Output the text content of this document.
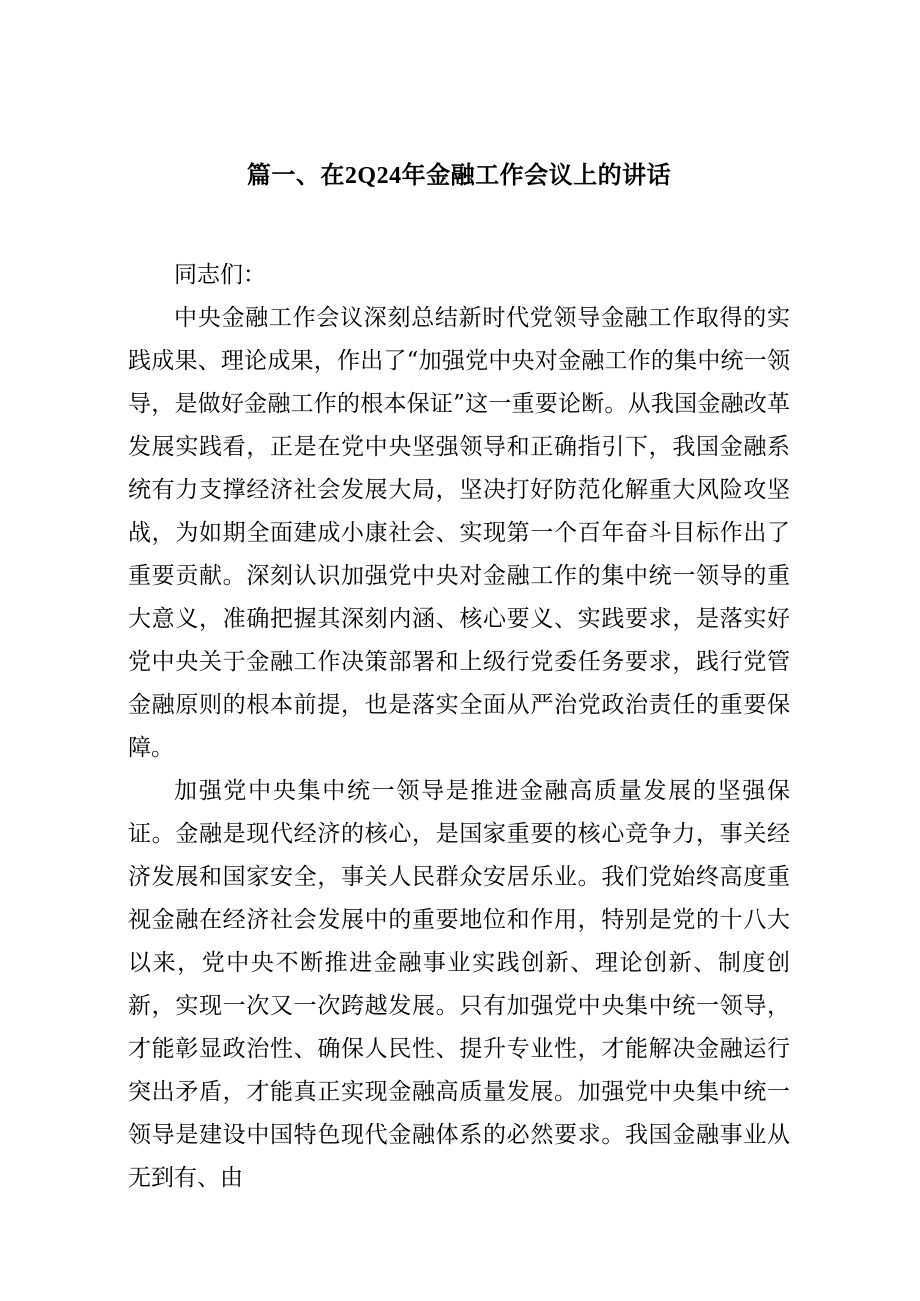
篇一、在2Q24年金融工作会议上的讲话

同志们：

中央金融工作会议深刻总结新时代党领导金融工作取得的实践成果、理论成果，作出了“加强党中央对金融工作的集中统一领导，是做好金融工作的根本保证”这一重要论断。从我国金融改革发展实践看，正是在党中央坚强领导和正确指引下，我国金融系统有力支撑经济社会发展大局，坚决打好防范化解重大风险攻坚战，为如期全面建成小康社会、实现第一个百年奋斗目标作出了重要贡献。深刻认识加强党中央对金融工作的集中统一领导的重大意义，准确把握其深刻内涵、核心要义、实践要求，是落实好党中央关于金融工作决策部署和上级行党委任务要求，践行党管金融原则的根本前提，也是落实全面从严治党政治责任的重要保障。

加强党中央集中统一领导是推进金融高质量发展的坚强保证。金融是现代经济的核心，是国家重要的核心竞争力，事关经济发展和国家安全，事关人民群众安居乐业。我们党始终高度重视金融在经济社会发展中的重要地位和作用，特别是党的十八大以来，党中央不断推进金融事业实践创新、理论创新、制度创新，实现一次又一次跨越发展。只有加强党中央集中统一领导，才能彰显政治性、确保人民性、提升专业性，才能解决金融运行突出矛盾，才能真正实现金融高质量发展。加强党中央集中统一领导是建设中国特色现代金融体系的必然要求。我国金融事业从无到有、由
